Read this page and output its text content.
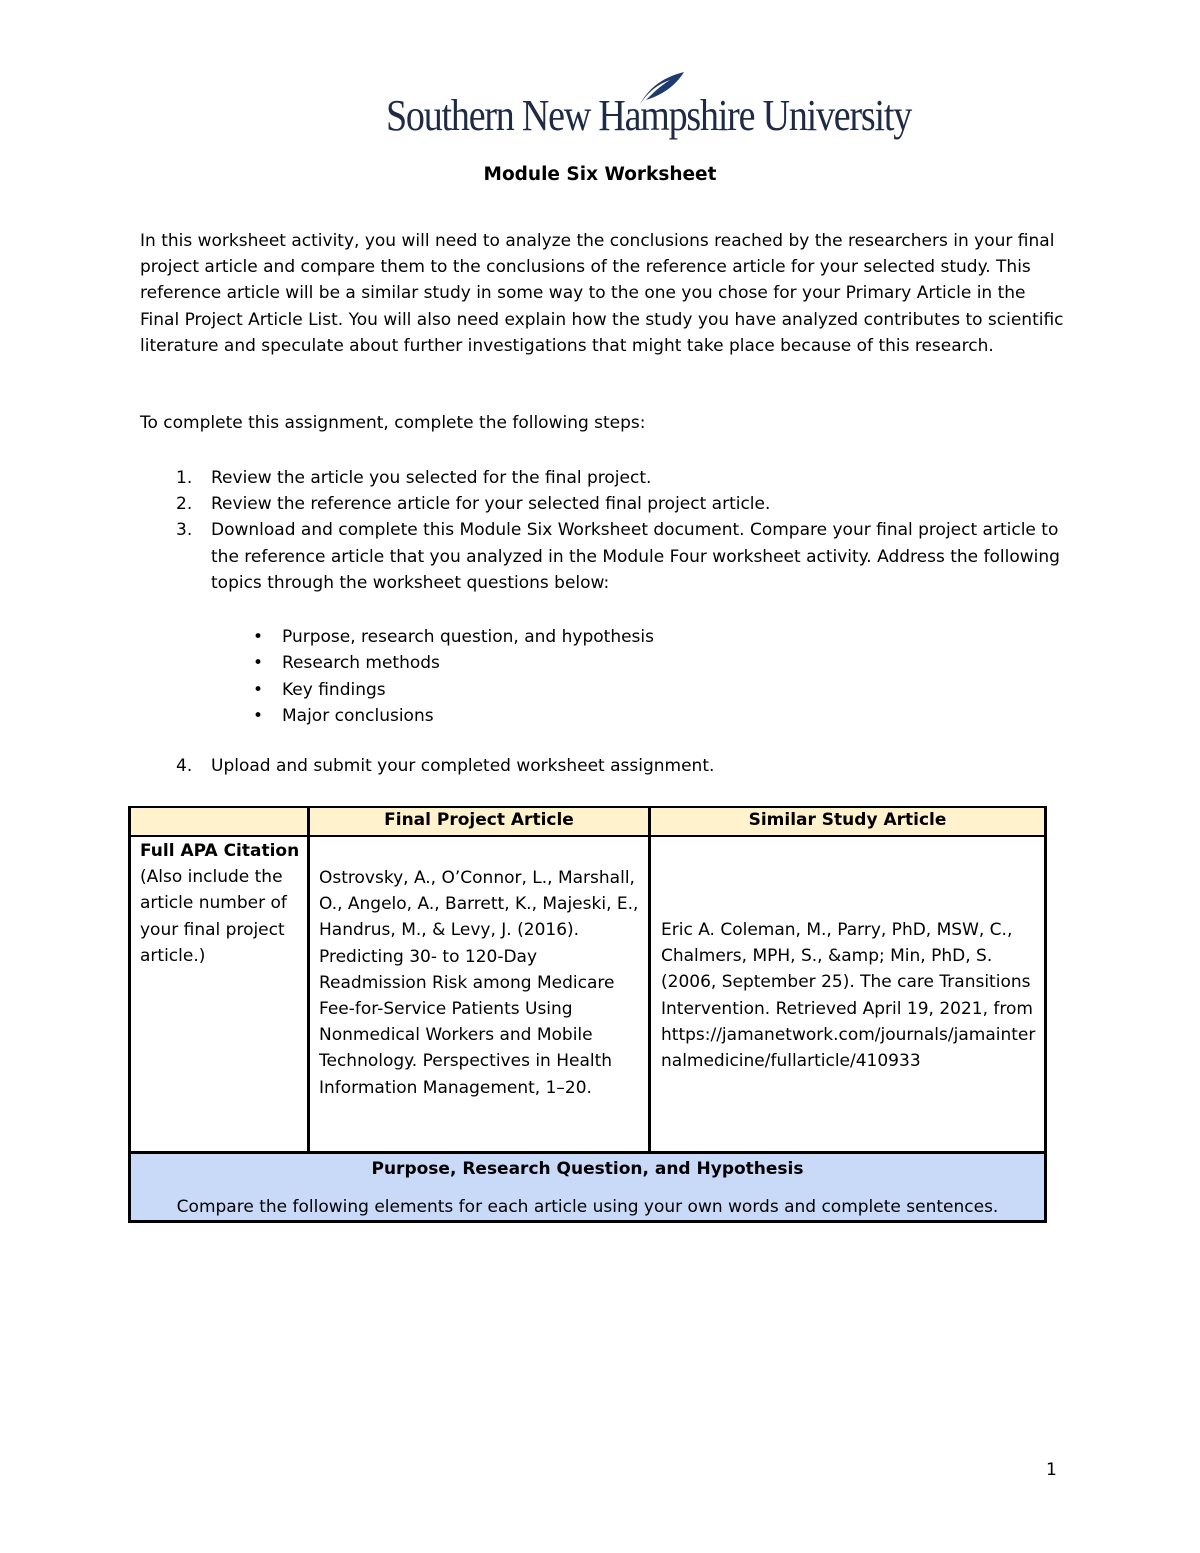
Southern New Hampshire University
Module Six Worksheet

In this worksheet activity, you will need to analyze the conclusions reached by the researchers in your final project article and compare them to the conclusions of the reference article for your selected study. This reference article will be a similar study in some way to the one you chose for your Primary Article in the Final Project Article List. You will also need explain how the study you have analyzed contributes to scientific literature and speculate about further investigations that might take place because of this research.

To complete this assignment, complete the following steps:

1. Review the article you selected for the final project.
2. Review the reference article for your selected final project article.
3. Download and complete this Module Six Worksheet document. Compare your final project article to the reference article that you analyzed in the Module Four worksheet activity. Address the following topics through the worksheet questions below:
• Purpose, research question, and hypothesis
• Research methods
• Key findings
• Major conclusions

4. Upload and submit your completed worksheet assignment.

Final Project Article	Similar Study Article
Full APA Citation
(Also include the article number of your final project article.)
Ostrovsky, A., O’Connor, L., Marshall, O., Angelo, A., Barrett, K., Majeski, E., Handrus, M., & Levy, J. (2016). Predicting 30- to 120-Day Readmission Risk among Medicare Fee-for-Service Patients Using Nonmedical Workers and Mobile Technology. Perspectives in Health Information Management, 1–20.
Eric A. Coleman, M., Parry, PhD, MSW, C., Chalmers, MPH, S., &amp; Min, PhD, S. (2006, September 25). The care Transitions Intervention. Retrieved April 19, 2021, from https://jamanetwork.com/journals/jamainternalmedicine/fullarticle/410933
Purpose, Research Question, and Hypothesis
Compare the following elements for each article using your own words and complete sentences.
1
